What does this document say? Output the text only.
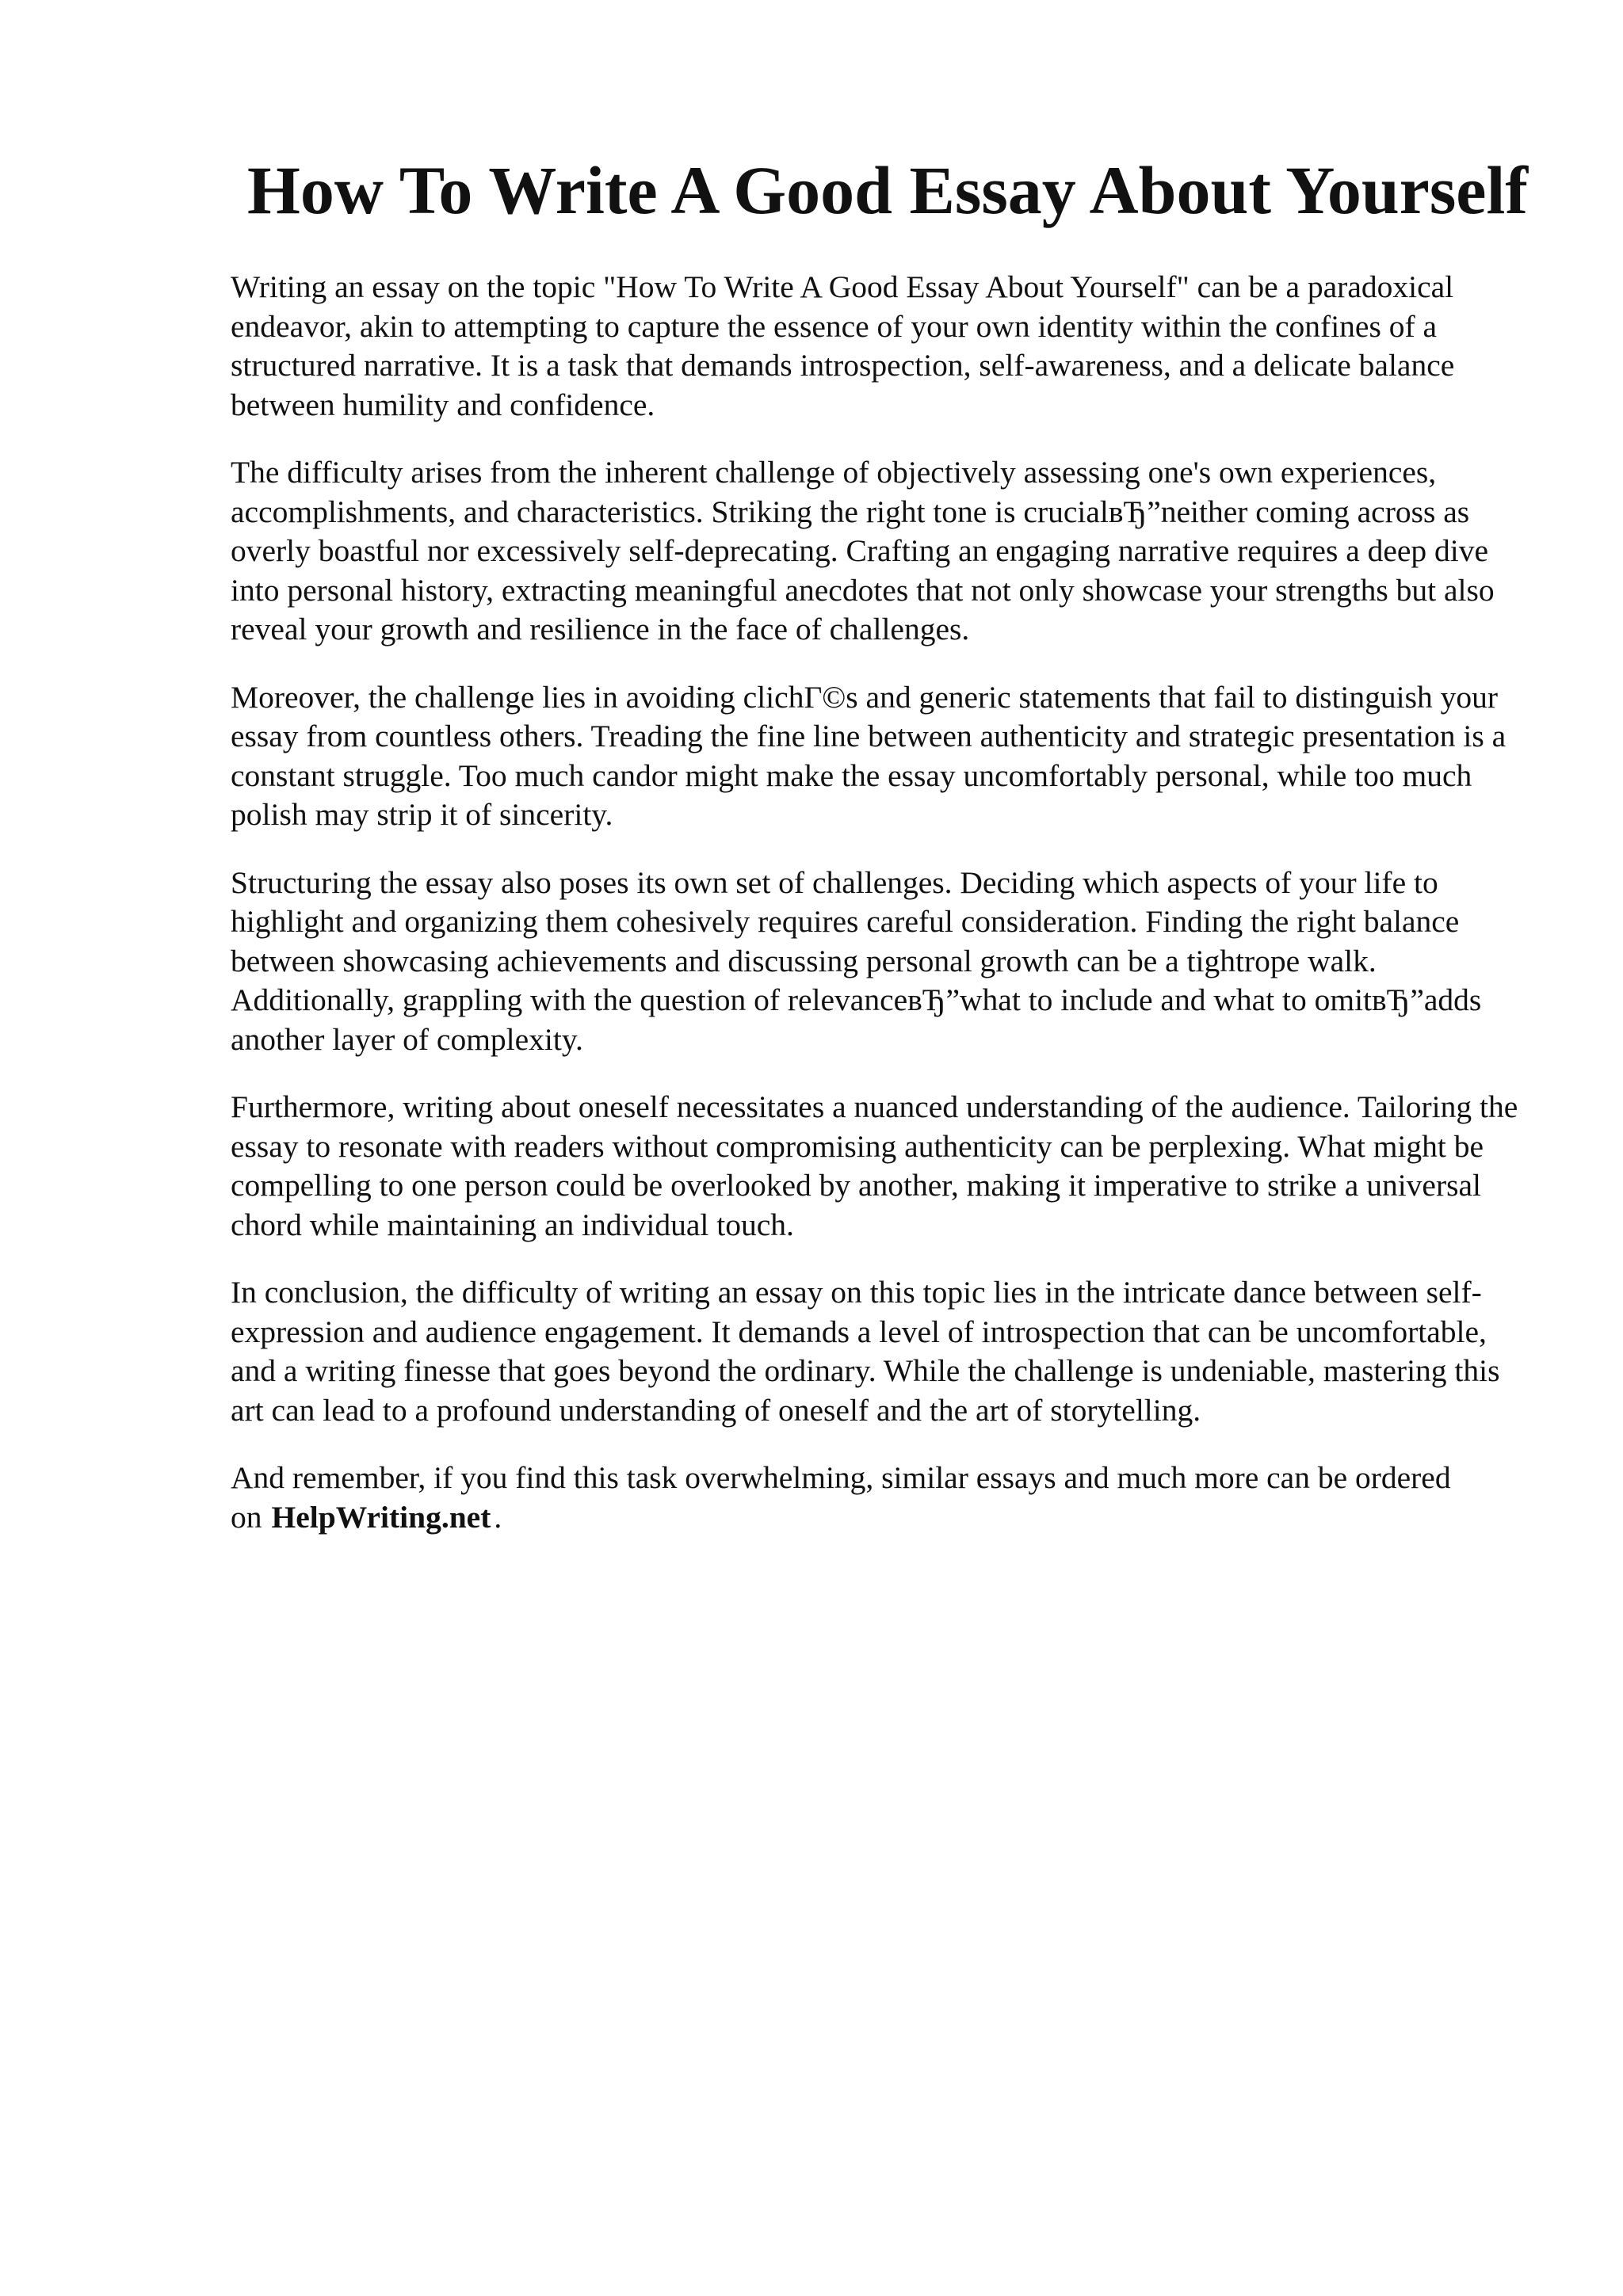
How To Write A Good Essay About Yourself

Writing an essay on the topic "How To Write A Good Essay About Yourself" can be a paradoxical endeavor, akin to attempting to capture the essence of your own identity within the confines of a structured narrative. It is a task that demands introspection, self-awareness, and a delicate balance between humility and confidence.

The difficulty arises from the inherent challenge of objectively assessing one's own experiences, accomplishments, and characteristics. Striking the right tone is crucialвЂ”neither coming across as overly boastful nor excessively self-deprecating. Crafting an engaging narrative requires a deep dive into personal history, extracting meaningful anecdotes that not only showcase your strengths but also reveal your growth and resilience in the face of challenges.

Moreover, the challenge lies in avoiding clichГ©s and generic statements that fail to distinguish your essay from countless others. Treading the fine line between authenticity and strategic presentation is a constant struggle. Too much candor might make the essay uncomfortably personal, while too much polish may strip it of sincerity.

Structuring the essay also poses its own set of challenges. Deciding which aspects of your life to highlight and organizing them cohesively requires careful consideration. Finding the right balance between showcasing achievements and discussing personal growth can be a tightrope walk. Additionally, grappling with the question of relevanceвЂ”what to include and what to omitвЂ”adds another layer of complexity.

Furthermore, writing about oneself necessitates a nuanced understanding of the audience. Tailoring the essay to resonate with readers without compromising authenticity can be perplexing. What might be compelling to one person could be overlooked by another, making it imperative to strike a universal chord while maintaining an individual touch.

In conclusion, the difficulty of writing an essay on this topic lies in the intricate dance between self-expression and audience engagement. It demands a level of introspection that can be uncomfortable, and a writing finesse that goes beyond the ordinary. While the challenge is undeniable, mastering this art can lead to a profound understanding of oneself and the art of storytelling.

And remember, if you find this task overwhelming, similar essays and much more can be ordered on HelpWriting.net .
